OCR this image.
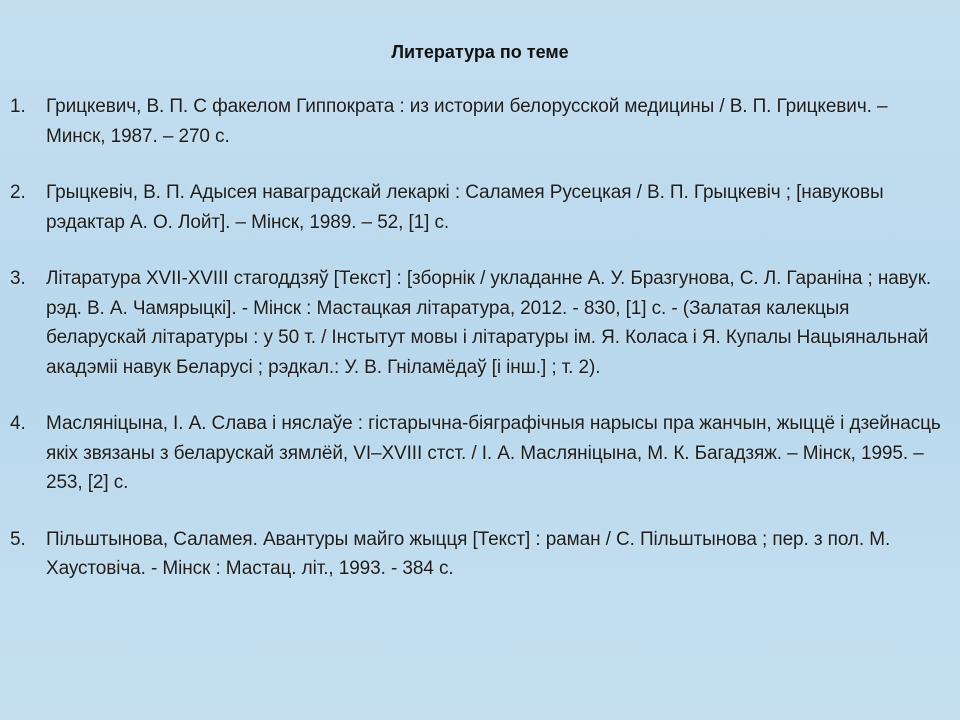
Литература по теме
1.	Грицкевич, В. П. С факелом Гиппократа : из истории белорусской медицины / В. П. Грицкевич. – Минск, 1987. – 270 с.
2.	Грыцкевіч, В. П. Адысея наваградскай лекаркі : Саламея Русецкая / В. П. Грыцкевіч ; [навуковы рэдактар А. О. Лойт]. – Мінск, 1989. – 52, [1] с.
3.	Літаратура XVII-XVIII стагоддзяў [Текст] : [зборнік / укладанне А. У. Бразгунова, С. Л. Гараніна ; навук. рэд. В. А. Чамярыцкі]. - Мінск : Мастацкая літаратура, 2012. - 830, [1] с. - (Залатая калекцыя беларускай літаратуры : у 50 т. / Інстытут мовы і літаратуры ім. Я. Коласа і Я. Купалы Нацыянальнай акадэміі навук Беларусі ; рэдкал.: У. В. Гніламёдаў [і інш.] ; т. 2).
4.	Масляніцына, І. А. Слава і няслаўе : гістарычна-біяграфічныя нарысы пра жанчын, жыццё і дзейнасць якіх звязаны з беларускай зямлёй, VI–XVIII стст. / І. А. Масляніцына, М. К. Багадзяж. – Мінск, 1995. – 253, [2] с.
5.	Пільштынова, Саламея. Авантуры майго жыцця [Текст] : раман / С. Пільштынова ; пер. з пол. М. Хаустовіча. - Мінск : Мастац. літ., 1993. - 384 с.
